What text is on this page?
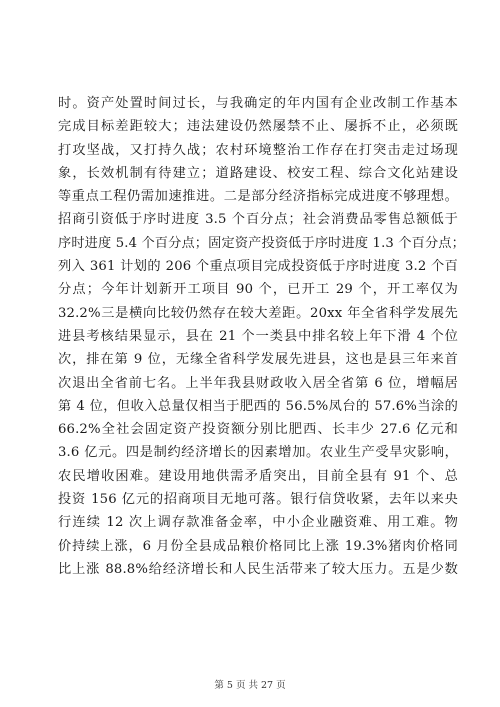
时。资产处置时间过长，与我确定的年内国有企业改制工作基本
完成目标差距较大；违法建设仍然屡禁不止、屡拆不止，必须既
打攻坚战，又打持久战；农村环境整治工作存在打突击走过场现
象，长效机制有待建立；道路建设、校安工程、综合文化站建设
等重点工程仍需加速推进。二是部分经济指标完成进度不够理想。
招商引资低于序时进度 3.5 个百分点；社会消费品零售总额低于
序时进度 5.4 个百分点；固定资产投资低于序时进度 1.3 个百分点；
列入 361 计划的 206 个重点项目完成投资低于序时进度 3.2 个百
分点；今年计划新开工项目 90 个，已开工 29 个，开工率仅为
32.2%三是横向比较仍然存在较大差距。20xx 年全省科学发展先
进县考核结果显示，县在 21 个一类县中排名较上年下滑 4 个位
次，排在第 9 位，无缘全省科学发展先进县，这也是县三年来首
次退出全省前七名。上半年我县财政收入居全省第 6 位，增幅居
第 4 位，但收入总量仅相当于肥西的 56.5%凤台的 57.6%当涂的
66.2%全社会固定资产投资额分别比肥西、长丰少 27.6 亿元和
3.6 亿元。四是制约经济增长的因素增加。农业生产受旱灾影响，
农民增收困难。建设用地供需矛盾突出，目前全县有 91 个、总
投资 156 亿元的招商项目无地可落。银行信贷收紧，去年以来央
行连续 12 次上调存款准备金率，中小企业融资难、用工难。物
价持续上涨，6 月份全县成品粮价格同比上涨 19.3%猪肉价格同
比上涨 88.8%给经济增长和人民生活带来了较大压力。五是少数
第 5 页 共 27 页
